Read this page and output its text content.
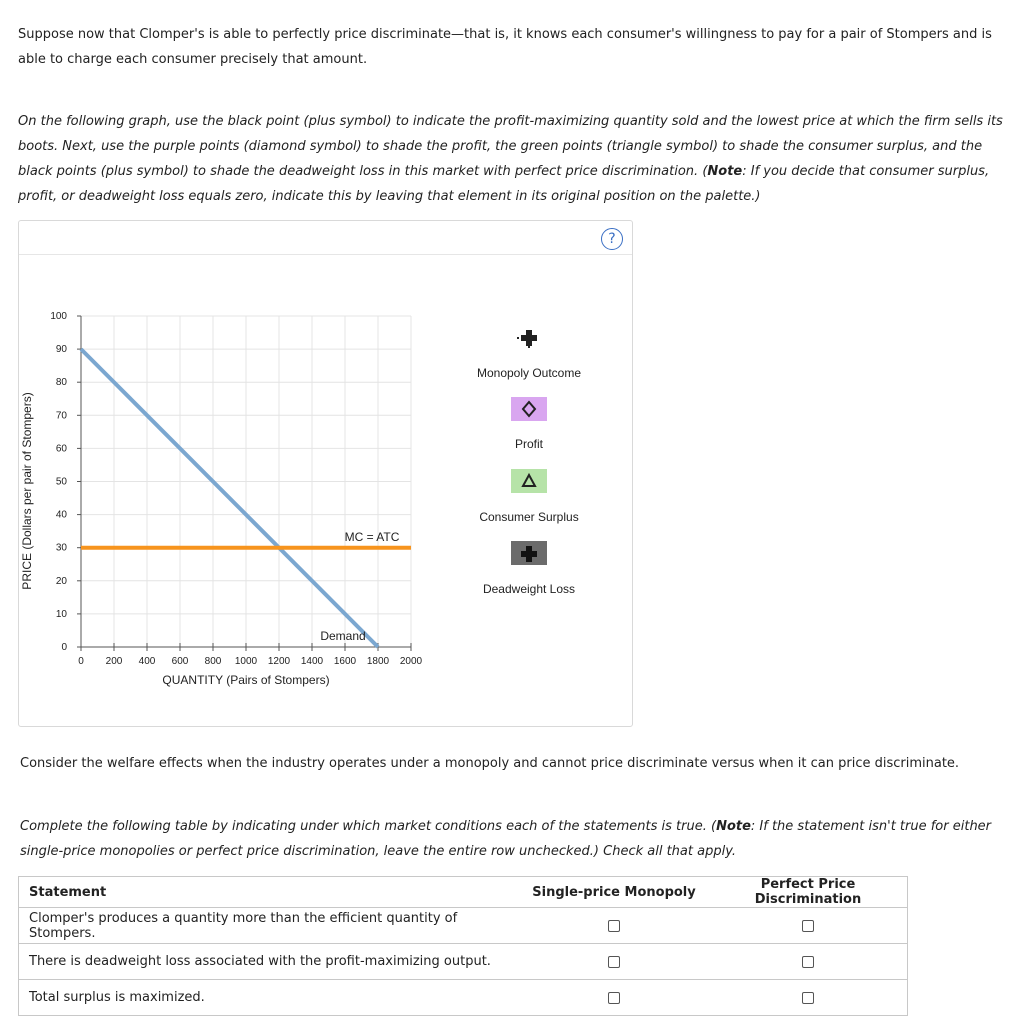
Suppose now that Clomper's is able to perfectly price discriminate—that is, it knows each consumer's willingness to pay for a pair of Stompers and is able to charge each consumer precisely that amount.
On the following graph, use the black point (plus symbol) to indicate the profit-maximizing quantity sold and the lowest price at which the firm sells its boots. Next, use the purple points (diamond symbol) to shade the profit, the green points (triangle symbol) to shade the consumer surplus, and the black points (plus symbol) to shade the deadweight loss in this market with perfect price discrimination. (Note: If you decide that consumer surplus, profit, or deadweight loss equals zero, indicate this by leaving that element in its original position on the palette.)
?
0
10
20
30
40
50
60
70
80
90
100
0 200 400 600 800 1000 1200 1400 1600 1800 2000
PRICE (Dollars per pair of Stompers)
QUANTITY (Pairs of Stompers)
MC = ATC
Demand
Monopoly Outcome
Profit
Consumer Surplus
Deadweight Loss
Consider the welfare effects when the industry operates under a monopoly and cannot price discriminate versus when it can price discriminate.
Complete the following table by indicating under which market conditions each of the statements is true. (Note: If the statement isn't true for either single-price monopolies or perfect price discrimination, leave the entire row unchecked.) Check all that apply.
Statement	Single-price Monopoly	Perfect Price Discrimination
Clomper's produces a quantity more than the efficient quantity of Stompers.		
There is deadweight loss associated with the profit-maximizing output.		
Total surplus is maximized.		
